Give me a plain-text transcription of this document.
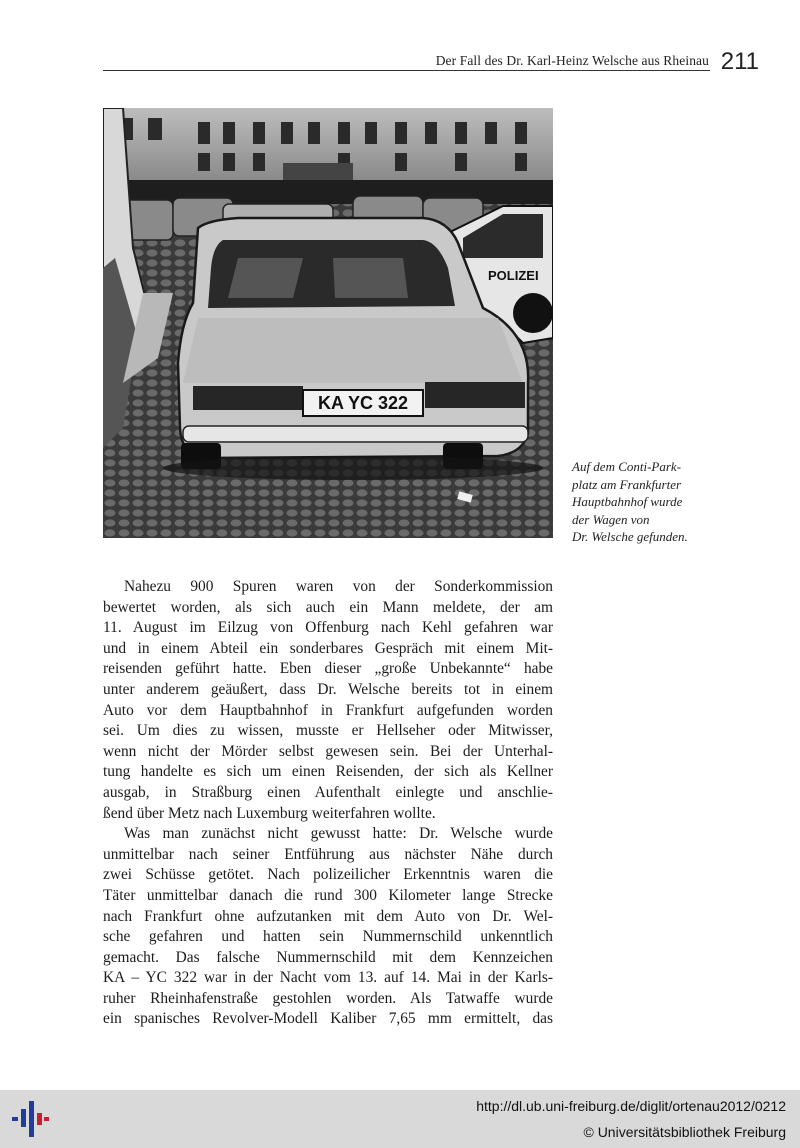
Der Fall des Dr. Karl-Heinz Welsche aus Rheinau 211
POLIZEI
KA YC 322
Auf dem Conti-Park-
platz am Frankfurter
Hauptbahnhof wurde
der Wagen von
Dr. Welsche gefunden.
Nahezu 900 Spuren waren von der Sonderkommission
bewertet worden, als sich auch ein Mann meldete, der am
11. August im Eilzug von Offenburg nach Kehl gefahren war
und in einem Abteil ein sonderbares Gespräch mit einem Mit-
reisenden geführt hatte. Eben dieser „große Unbekannte“ habe
unter anderem geäußert, dass Dr. Welsche bereits tot in einem
Auto vor dem Hauptbahnhof in Frankfurt aufgefunden worden
sei. Um dies zu wissen, musste er Hellseher oder Mitwisser,
wenn nicht der Mörder selbst gewesen sein. Bei der Unterhal-
tung handelte es sich um einen Reisenden, der sich als Kellner
ausgab, in Straßburg einen Aufenthalt einlegte und anschlie-
ßend über Metz nach Luxemburg weiterfahren wollte.
Was man zunächst nicht gewusst hatte: Dr. Welsche wurde
unmittelbar nach seiner Entführung aus nächster Nähe durch
zwei Schüsse getötet. Nach polizeilicher Erkenntnis waren die
Täter unmittelbar danach die rund 300 Kilometer lange Strecke
nach Frankfurt ohne aufzutanken mit dem Auto von Dr. Wel-
sche gefahren und hatten sein Nummernschild unkenntlich
gemacht. Das falsche Nummernschild mit dem Kennzeichen
KA – YC 322 war in der Nacht vom 13. auf 14. Mai in der Karls-
ruher Rheinhafenstraße gestohlen worden. Als Tatwaffe wurde
ein spanisches Revolver-Modell Kaliber 7,65 mm ermittelt, das
http://dl.ub.uni-freiburg.de/diglit/ortenau2012/0212
© Universitätsbibliothek Freiburg
